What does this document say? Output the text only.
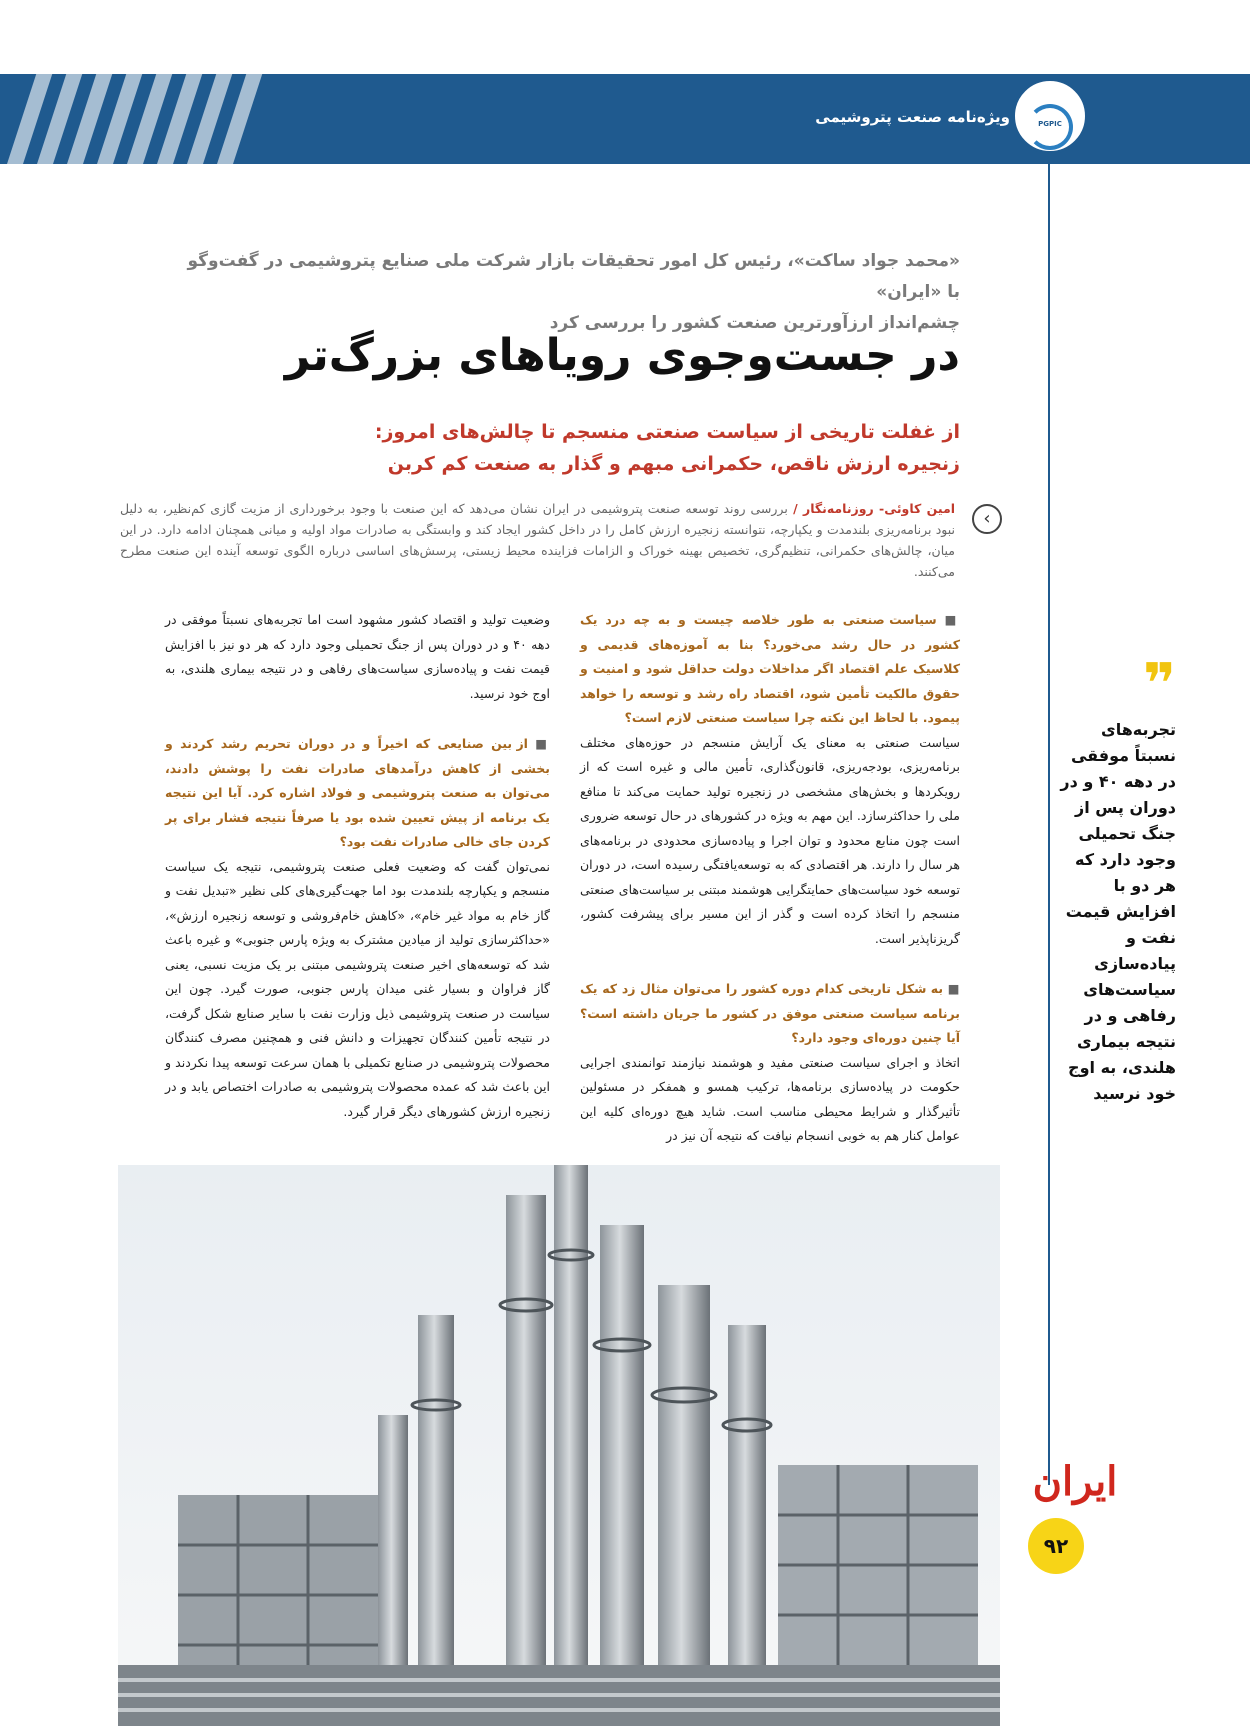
ویژه‌نامه صنعت پتروشیمی	PGPIC
«محمد جواد ساکت»، رئیس کل امور تحقیقات بازار شرکت ملی صنایع پتروشیمی در گفت‌وگو با «ایران»
چشم‌انداز ارزآورترین صنعت کشور را بررسی کرد
در جست‌وجوی رویاهای بزرگ‌تر
از غفلت تاریخی از سیاست صنعتی منسجم تا چالش‌های امروز:
زنجیره ارزش ناقص، حکمرانی مبهم و گذار به صنعت کم کربن
‹
امین کاوئی- روزنامه‌نگار / بررسی روند توسعه صنعت پتروشیمی در ایران نشان می‌دهد که این صنعت با وجود برخورداری از مزیت گازی کم‌نظیر، به دلیل نبود برنامه‌ریزی بلندمدت و یکپارچه، نتوانسته زنجیره ارزش کامل را در داخل کشور ایجاد کند و وابستگی به صادرات مواد اولیه و میانی همچنان ادامه دارد. در این میان، چالش‌های حکمرانی، تنظیم‌گری، تخصیص بهینه خوراک و الزامات فزاینده محیط زیستی، پرسش‌های اساسی درباره الگوی توسعه آینده این صنعت مطرح می‌کنند.

■ سیاست صنعتی به طور خلاصه چیست و به چه درد یک کشور در حال رشد می‌خورد؟ بنا به آموزه‌های قدیمی و کلاسیک علم اقتصاد اگر مداخلات دولت حداقل شود و امنیت و حقوق مالکیت تأمین شود، اقتصاد راه رشد و توسعه را خواهد پیمود. با لحاظ این نکته چرا سیاست صنعتی لازم است؟

سیاست صنعتی به معنای یک آرایش منسجم در حوزه‌های مختلف برنامه‌ریزی، بودجه‌ریزی، قانون‌گذاری، تأمین مالی و غیره است که از رویکردها و بخش‌های مشخصی در زنجیره تولید حمایت می‌کند تا منافع ملی را حداکثرسازد. این مهم به ویژه در کشورهای در حال توسعه ضروری است چون منابع محدود و توان اجرا و پیاده‌سازی محدودی در برنامه‌های هر سال را دارند. هر اقتصادی که به توسعه‌یافتگی رسیده است، در دوران توسعه خود سیاست‌های حمایتگرایی هوشمند مبتنی بر سیاست‌های صنعتی منسجم را اتخاذ کرده است و گذر از این مسیر برای پیشرفت کشور، گریزناپذیر است.

■ به شکل تاریخی کدام دوره کشور را می‌توان مثال زد که یک برنامه سیاست صنعتی موفق در کشور ما جریان داشته است؟ آیا چنین دوره‌ای وجود دارد؟

اتخاذ و اجرای سیاست صنعتی مفید و هوشمند نیازمند توانمندی اجرایی حکومت در پیاده‌سازی برنامه‌ها، ترکیب همسو و همفکر در مسئولین تأثیرگذار و شرایط محیطی مناسب است. شاید هیچ دوره‌ای کلیه این عوامل کنار هم به خوبی انسجام نیافت که نتیجه آن نیز در

وضعیت تولید و اقتصاد کشور مشهود است اما تجربه‌های نسبتاً موفقی در دهه ۴۰ و در دوران پس از جنگ تحمیلی وجود دارد که هر دو نیز با افزایش قیمت نفت و پیاده‌سازی سیاست‌های رفاهی و در نتیجه بیماری هلندی، به اوج خود نرسید.

■ از بین صنایعی که اخیراً و در دوران تحریم رشد کردند و بخشی از کاهش درآمدهای صادرات نفت را پوشش دادند، می‌توان به صنعت پتروشیمی و فولاد اشاره کرد. آیا این نتیجه یک برنامه از پیش تعیین شده بود یا صرفاً نتیجه فشار برای پر کردن جای خالی صادرات نفت بود؟

نمی‌توان گفت که وضعیت فعلی صنعت پتروشیمی، نتیجه یک سیاست منسجم و یکپارچه بلندمدت بود اما جهت‌گیری‌های کلی نظیر «تبدیل نفت و گاز خام به مواد غیر خام»، «کاهش خام‌فروشی و توسعه زنجیره ارزش»، «حداکثرسازی تولید از میادین مشترک به ویژه پارس جنوبی» و غیره باعث شد که توسعه‌های اخیر صنعت پتروشیمی مبتنی بر یک مزیت نسبی، یعنی گاز فراوان و بسیار غنی میدان پارس جنوبی، صورت گیرد. چون این سیاست در صنعت پتروشیمی ذیل وزارت نفت با سایر صنایع شکل گرفت، در نتیجه تأمین کنندگان تجهیزات و دانش فنی و همچنین مصرف کنندگان محصولات پتروشیمی در صنایع تکمیلی با همان سرعت توسعه پیدا نکردند و این باعث شد که عمده محصولات پتروشیمی به صادرات اختصاص یابد و در زنجیره ارزش کشورهای دیگر قرار گیرد.

❞
تجربه‌های نسبتاً موفقی در دهه ۴۰ و در دوران پس از جنگ تحمیلی وجود دارد که هر دو با افزایش قیمت نفت و پیاده‌سازی سیاست‌های رفاهی و در نتیجه بیماری هلندی، به اوج خود نرسید
ایران
۹۲
